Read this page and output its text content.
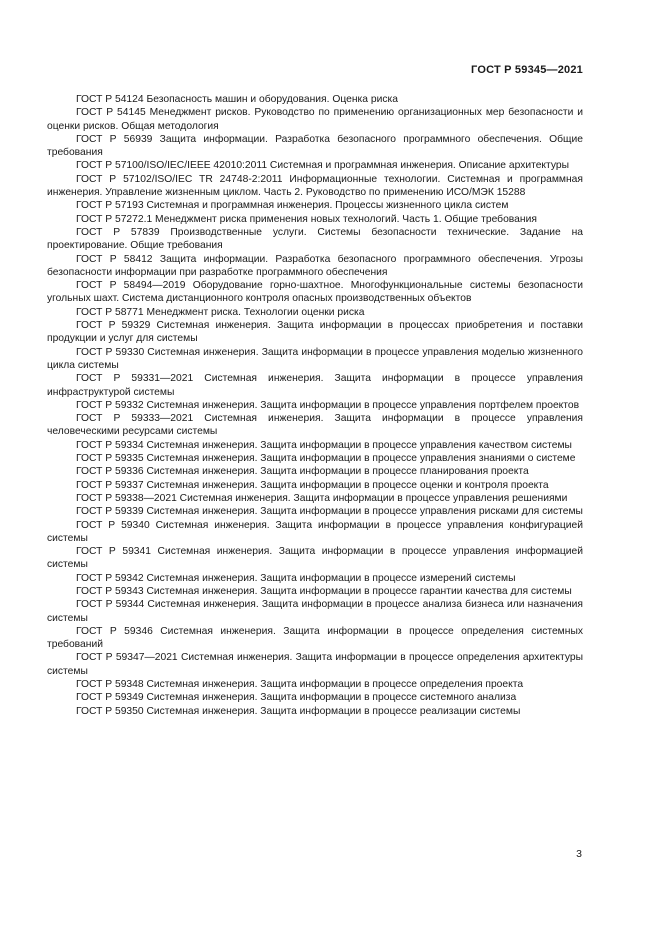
ГОСТ Р 59345—2021

ГОСТ Р 54124 Безопасность машин и оборудования. Оценка риска

ГОСТ Р 54145 Менеджмент рисков. Руководство по применению организационных мер безопасности и оценки рисков. Общая методология

ГОСТ Р 56939 Защита информации. Разработка безопасного программного обеспечения. Общие требования

ГОСТ Р 57100/ISO/IEC/IEEE 42010:2011 Системная и программная инженерия. Описание архитектуры

ГОСТ Р 57102/ISO/IEC TR 24748-2:2011 Информационные технологии. Системная и программная инженерия. Управление жизненным циклом. Часть 2. Руководство по применению ИСО/МЭК 15288

ГОСТ Р 57193 Системная и программная инженерия. Процессы жизненного цикла систем

ГОСТ Р 57272.1 Менеджмент риска применения новых технологий. Часть 1. Общие требования

ГОСТ Р 57839 Производственные услуги. Системы безопасности технические. Задание на проектирование. Общие требования

ГОСТ Р 58412 Защита информации. Разработка безопасного программного обеспечения. Угрозы безопасности информации при разработке программного обеспечения

ГОСТ Р 58494—2019 Оборудование горно-шахтное. Многофункциональные системы безопасности угольных шахт. Система дистанционного контроля опасных производственных объектов

ГОСТ Р 58771 Менеджмент риска. Технологии оценки риска

ГОСТ Р 59329 Системная инженерия. Защита информации в процессах приобретения и поставки продукции и услуг для системы

ГОСТ Р 59330 Системная инженерия. Защита информации в процессе управления моделью жизненного цикла системы

ГОСТ Р 59331—2021 Системная инженерия. Защита информации в процессе управления инфраструктурой системы

ГОСТ Р 59332 Системная инженерия. Защита информации в процессе управления портфелем проектов

ГОСТ Р 59333—2021 Системная инженерия. Защита информации в процессе управления человеческими ресурсами системы

ГОСТ Р 59334 Системная инженерия. Защита информации в процессе управления качеством системы

ГОСТ Р 59335 Системная инженерия. Защита информации в процессе управления знаниями о системе

ГОСТ Р 59336 Системная инженерия. Защита информации в процессе планирования проекта

ГОСТ Р 59337 Системная инженерия. Защита информации в процессе оценки и контроля проекта

ГОСТ Р 59338—2021 Системная инженерия. Защита информации в процессе управления решениями

ГОСТ Р 59339 Системная инженерия. Защита информации в процессе управления рисками для системы

ГОСТ Р 59340 Системная инженерия. Защита информации в процессе управления конфигурацией системы

ГОСТ Р 59341 Системная инженерия. Защита информации в процессе управления информацией системы

ГОСТ Р 59342 Системная инженерия. Защита информации в процессе измерений системы

ГОСТ Р 59343 Системная инженерия. Защита информации в процессе гарантии качества для системы

ГОСТ Р 59344 Системная инженерия. Защита информации в процессе анализа бизнеса или назначения системы

ГОСТ Р 59346 Системная инженерия. Защита информации в процессе определения системных требований

ГОСТ Р 59347—2021 Системная инженерия. Защита информации в процессе определения архитектуры системы

ГОСТ Р 59348 Системная инженерия. Защита информации в процессе определения проекта

ГОСТ Р 59349 Системная инженерия. Защита информации в процессе системного анализа

ГОСТ Р 59350 Системная инженерия. Защита информации в процессе реализации системы

3
